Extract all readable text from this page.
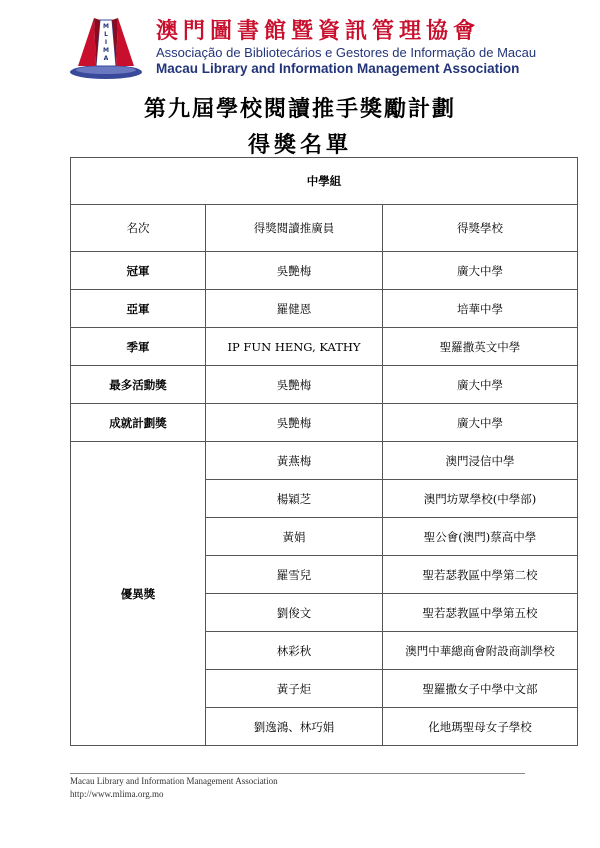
M
L
I
M
A
澳門圖書館暨資訊管理協會
Associação de Bibliotecários e Gestores de Informação de Macau
Macau Library and Information Management Association
第九屆學校閱讀推手獎勵計劃
得獎名單
中學組		
名次	得獎閱讀推廣員	得獎學校
冠軍	吳艷梅	廣大中學
亞軍	羅健恩	培華中學
季軍	IP FUN HENG, KATHY	聖羅撒英文中學
最多活動獎	吳艷梅	廣大中學
成就計劃獎	吳艷梅	廣大中學
優異獎	黃燕梅	澳門浸信中學
	楊穎芝	澳門坊眾學校(中學部)
	黃娟	聖公會(澳門)蔡高中學
	羅雪兒	聖若瑟教區中學第二校
	劉俊文	聖若瑟教區中學第五校
	林彩秋	澳門中華總商會附設商訓學校
	黃子炬	聖羅撒女子中學中文部
	劉逸鴻、林巧娟	化地瑪聖母女子學校
Macau Library and Information Management Association
http://www.mlima.org.mo
